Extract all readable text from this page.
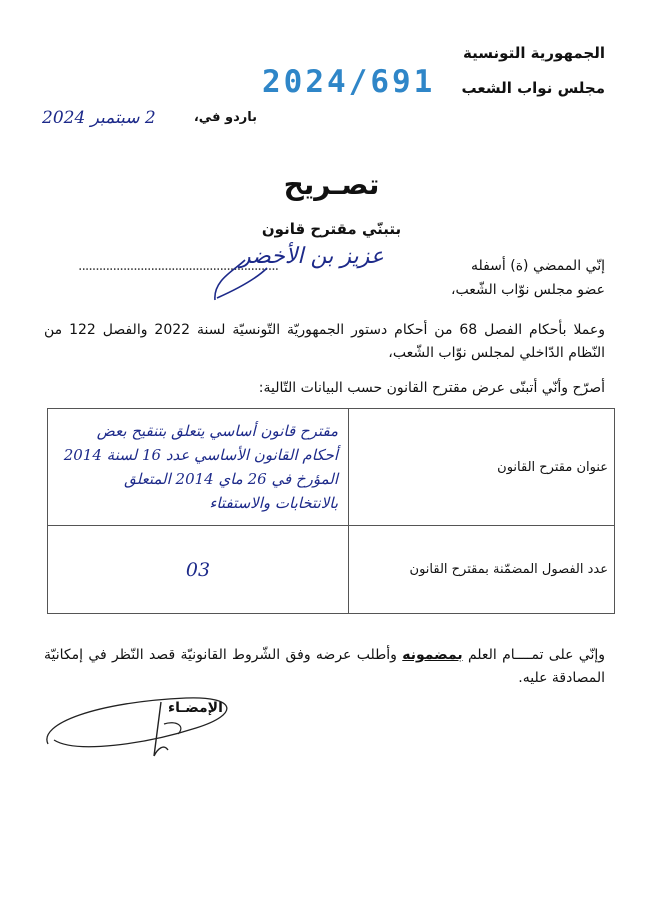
الجمهورية التونسية
مجلس نواب الشعب
2024/691
باردو في،
2 سبتمبر 2024
تصـريح
بتبنّي مقترح قانون
إنّي الممضي (ة) أسفله
..........................................................
عزيز بن الأخضر
عضو مجلس نوّاب الشّعب،
وعملا بأحكام الفصل 68 من أحكام دستور الجمهوريّة التّونسيّة لسنة 2022 والفصل 122 من النّظام الدّاخلي لمجلس نوّاب الشّعب،
أصرّح وأنّي أتبنّى عرض مقترح القانون حسب البيانات التّالية:
عنوان مقترح القانون	مقترح قانون أساسي يتعلق بتنقيح بعض أحكام القانون الأساسي عدد 16 لسنة 2014 المؤرخ في 26 ماي 2014 المتعلق بالانتخابات والاستفتاء
عدد الفصول المضمّنة بمقترح القانون	03
وإنّي على تمــــام العلم بمضمونه وأطلب عرضه وفق الشّروط القانونيّة قصد النّظر في إمكانيّة المصادقة عليه.
الإمضـاء
